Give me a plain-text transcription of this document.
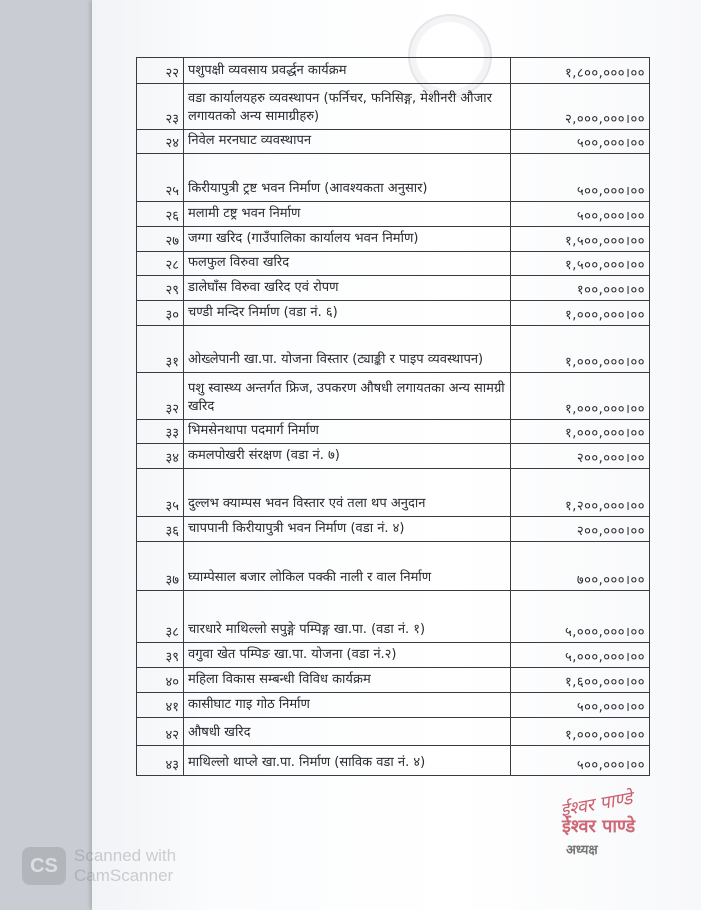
२२	पशुपक्षी व्यवसाय प्रवर्द्धन कार्यक्रम	१,८००,०००।००
२३	वडा कार्यालयहरु व्यवस्थापन (फर्निचर, फनिसिङ्ग, मेशीनरी औजार लगायतको अन्य सामाग्रीहरु)	२,०००,०००।००
२४	निवेल मरनघाट व्यवस्थापन	५००,०००।००
२५	किरीयापुत्री ट्रष्ट भवन निर्माण (आवश्यकता अनुसार)	५००,०००।००
२६	मलामी टष्ट्र भवन निर्माण	५००,०००।००
२७	जग्गा खरिद (गाउँपालिका कार्यालय भवन निर्माण)	१,५००,०००।००
२८	फलफुल विरुवा खरिद	१,५००,०००।००
२९	डालेघाँस विरुवा खरिद एवं रोपण	१००,०००।००
३०	चण्डी मन्दिर निर्माण (वडा नं. ६)	१,०००,०००।००
३१	ओख्लेपानी खा.पा. योजना विस्तार (ट्याङ्की र पाइप व्यवस्थापन)	१,०००,०००।००
३२	पशु स्वास्थ्य अन्तर्गत फ्रिज, उपकरण औषधी लगायतका अन्य सामग्री खरिद	१,०००,०००।००
३३	भिमसेनथापा पदमार्ग निर्माण	१,०००,०००।००
३४	कमलपोखरी संरक्षण (वडा नं. ७)	२००,०००।००
३५	दुल्लभ क्याम्पस भवन विस्तार एवं तला थप अनुदान	१,२००,०००।००
३६	चापपानी किरीयापुत्री भवन निर्माण (वडा नं. ४)	२००,०००।००
३७	घ्याम्पेसाल बजार लोकिल पक्की नाली र वाल निर्माण	७००,०००।००
३८	चारधारे माथिल्लो सपुङ्गे पम्पिङ्ग खा.पा. (वडा नं. १)	५,०००,०००।००
३९	वगुवा खेत पम्पिङ खा.पा. योजना (वडा नं.२)	५,०००,०००।००
४०	महिला विकास सम्बन्धी विविध कार्यक्रम	१,६००,०००।००
४१	कासीघाट गाइ गोठ निर्माण	५००,०००।००
४२	औषधी खरिद	१,०००,०००।००
४३	माथिल्लो थाप्ले खा.पा. निर्माण (साविक वडा नं. ४)	५००,०००।००
ईश्वर पाण्डे
ईश्वर पाण्डे
अध्यक्ष
CS Scanned with
CamScanner
